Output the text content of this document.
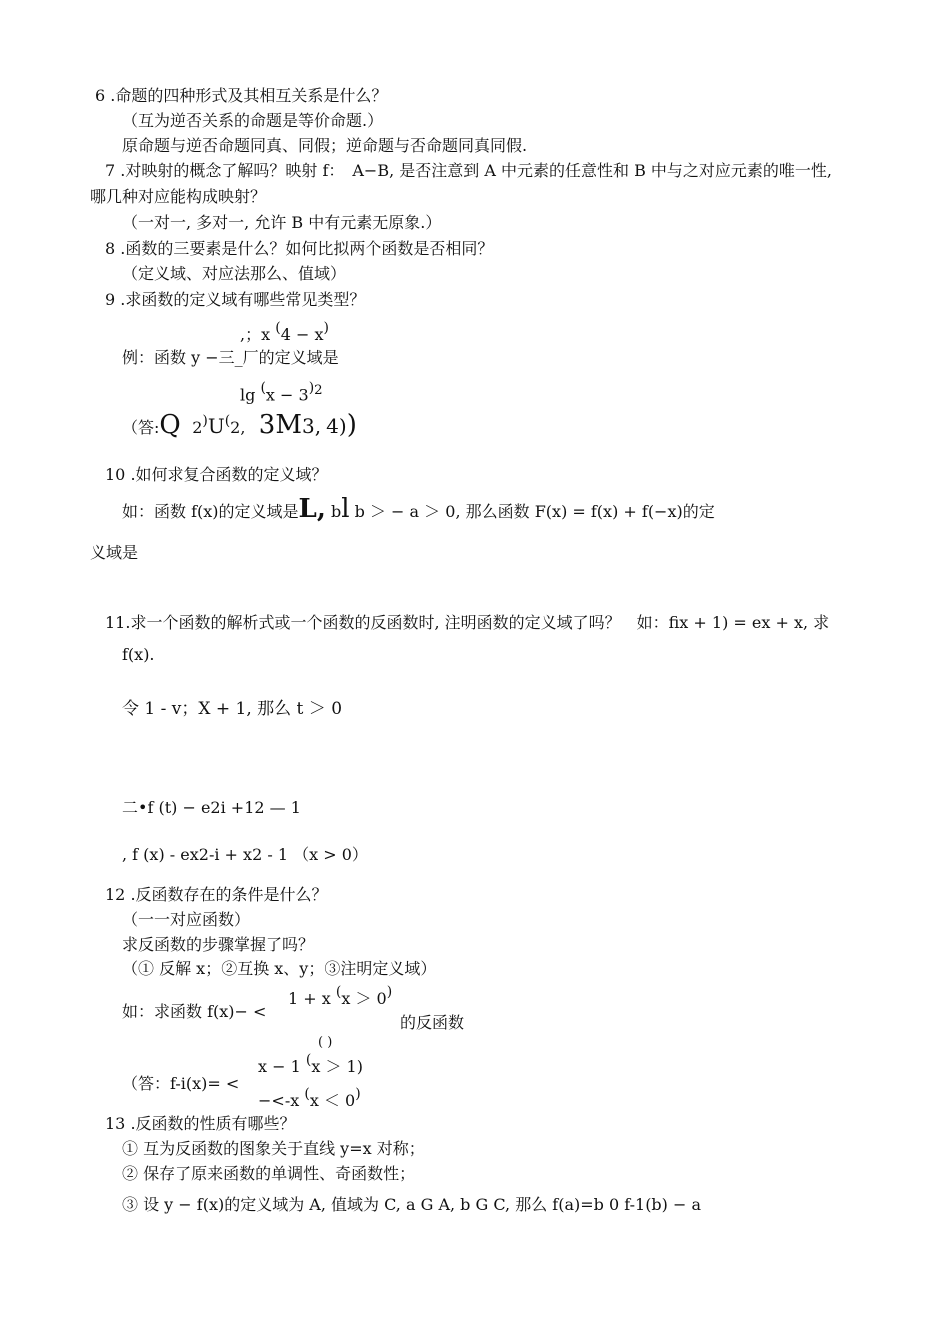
6 .命题的四种形式及其相互关系是什么？
（互为逆否关系的命题是等价命题.）
原命题与逆否命题同真、同假；逆命题与否命题同真同假.
7 .对映射的概念了解吗？映射 f：　A−B, 是否注意到 A 中元素的任意性和 B 中与之对应元素的唯一性,
哪几种对应能构成映射？
（一对一, 多对一, 允许 B 中有元素无原象.）
8 .函数的三要素是什么？如何比拟两个函数是否相同？
（定义域、对应法那么、值域）
9 .求函数的定义域有哪些常见类型？
,；x (4 − x)
例：函数 y −三_厂的定义域是
$\lg (x - 3)^2$
（答:Q 2)U(2, 3M3, 4))
10 .如何求复合函数的定义域？
如：函数 f(x)的定义域是L, bl b ＞ − a ＞ 0, 那么函数 F(x) = f(x) + f(−x)的定
义域是
11.求一个函数的解析式或一个函数的反函数时, 注明函数的定义域了吗？　如：fix + 1) = ex + x, 求
f(x).
令 1 - v；X + 1, 那么 t ＞ 0
二•f (t) − e2i +12 — 1
, f (x) - ex2-i + x2 - 1 （x > 0）
12 .反函数存在的条件是什么？
（一一对应函数）
求反函数的步骤掌握了吗？
（① 反解 x；②互换 x、y；③注明定义域）
1 + x (x ＞ 0)
如：求函数 f(x)− <
的反函数
( )
x − 1 (x ＞ 1)
（答：f-i(x)= <
−<-x (x ＜ 0)
13 .反函数的性质有哪些？
① 互为反函数的图象关于直线 y=x 对称；
② 保存了原来函数的单调性、奇函数性；
③ 设 y − f(x)的定义域为 A, 值域为 C, a G A, b G C, 那么 f(a)=b 0 f-1(b) − a
